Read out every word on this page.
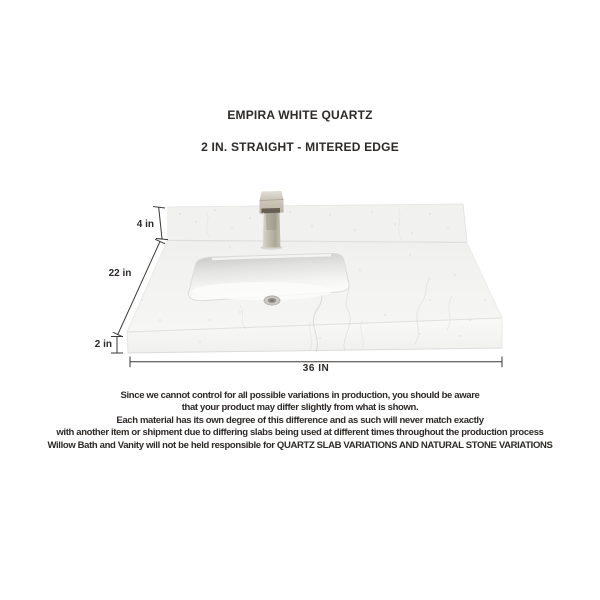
EMPIRA WHITE QUARTZ
2 IN. STRAIGHT - MITERED EDGE
4 in
22 in
2 in
36 IN
Since we cannot control for all possible variations in production, you should be aware
that your product may differ slightly from what is shown.
Each material has its own degree of this difference and as such will never match exactly
with another item or shipment due to differing slabs being used at different times throughout the production process
Willow Bath and Vanity will not be held responsible for QUARTZ SLAB VARIATIONS AND NATURAL STONE VARIATIONS
